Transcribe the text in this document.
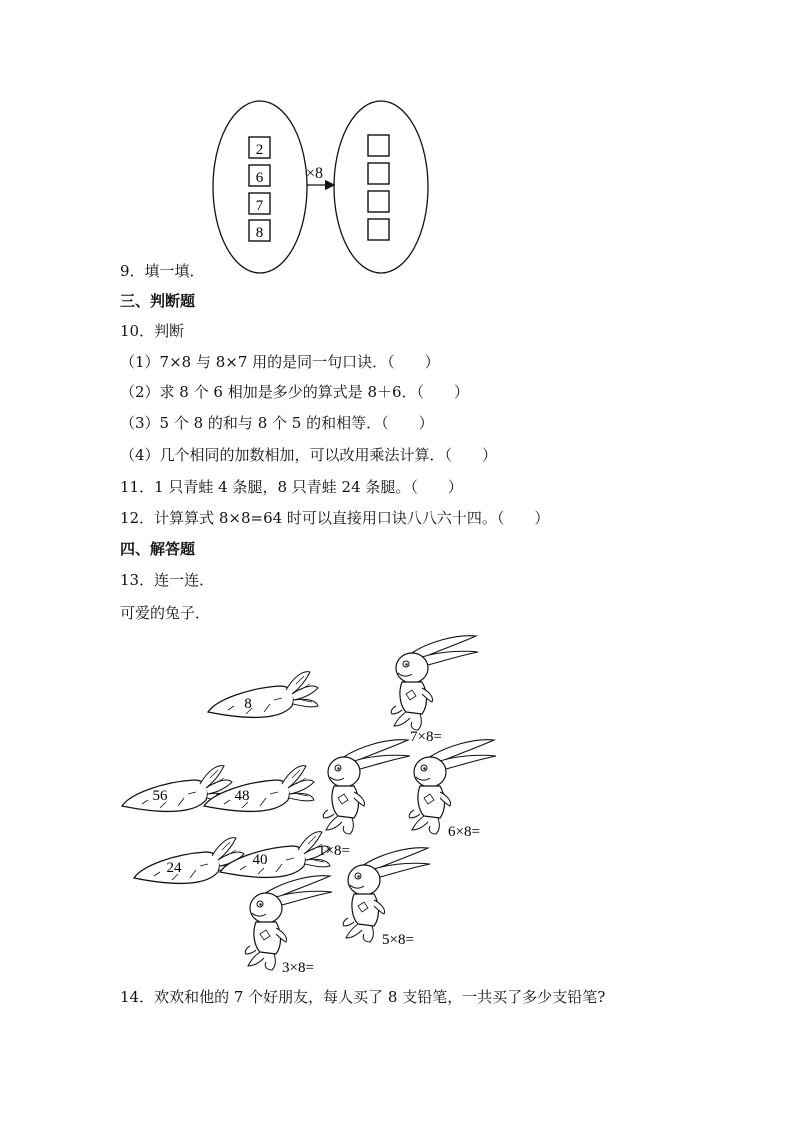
×8
2
6
7
8
9．填一填．
三、判断题
10．判断
（1）7×8 与 8×7 用的是同一句口诀．（　　）
（2）求 8 个 6 相加是多少的算式是 8＋6．（　　）
（3）5 个 8 的和与 8 个 5 的和相等．（　　）
（4）几个相同的加数相加，可以改用乘法计算．（　　）
11．1 只青蛙 4 条腿，8 只青蛙 24 条腿。（　　）
12．计算算式 8×8=64 时可以直接用口诀八八六十四。（　　）
四、解答题
13．连一连．
可爱的兔子．
8
56	48
24	40
7×8=
1×8=
6×8=
5×8=
3×8=
14．欢欢和他的 7 个好朋友，每人买了 8 支铅笔，一共买了多少支铅笔?
